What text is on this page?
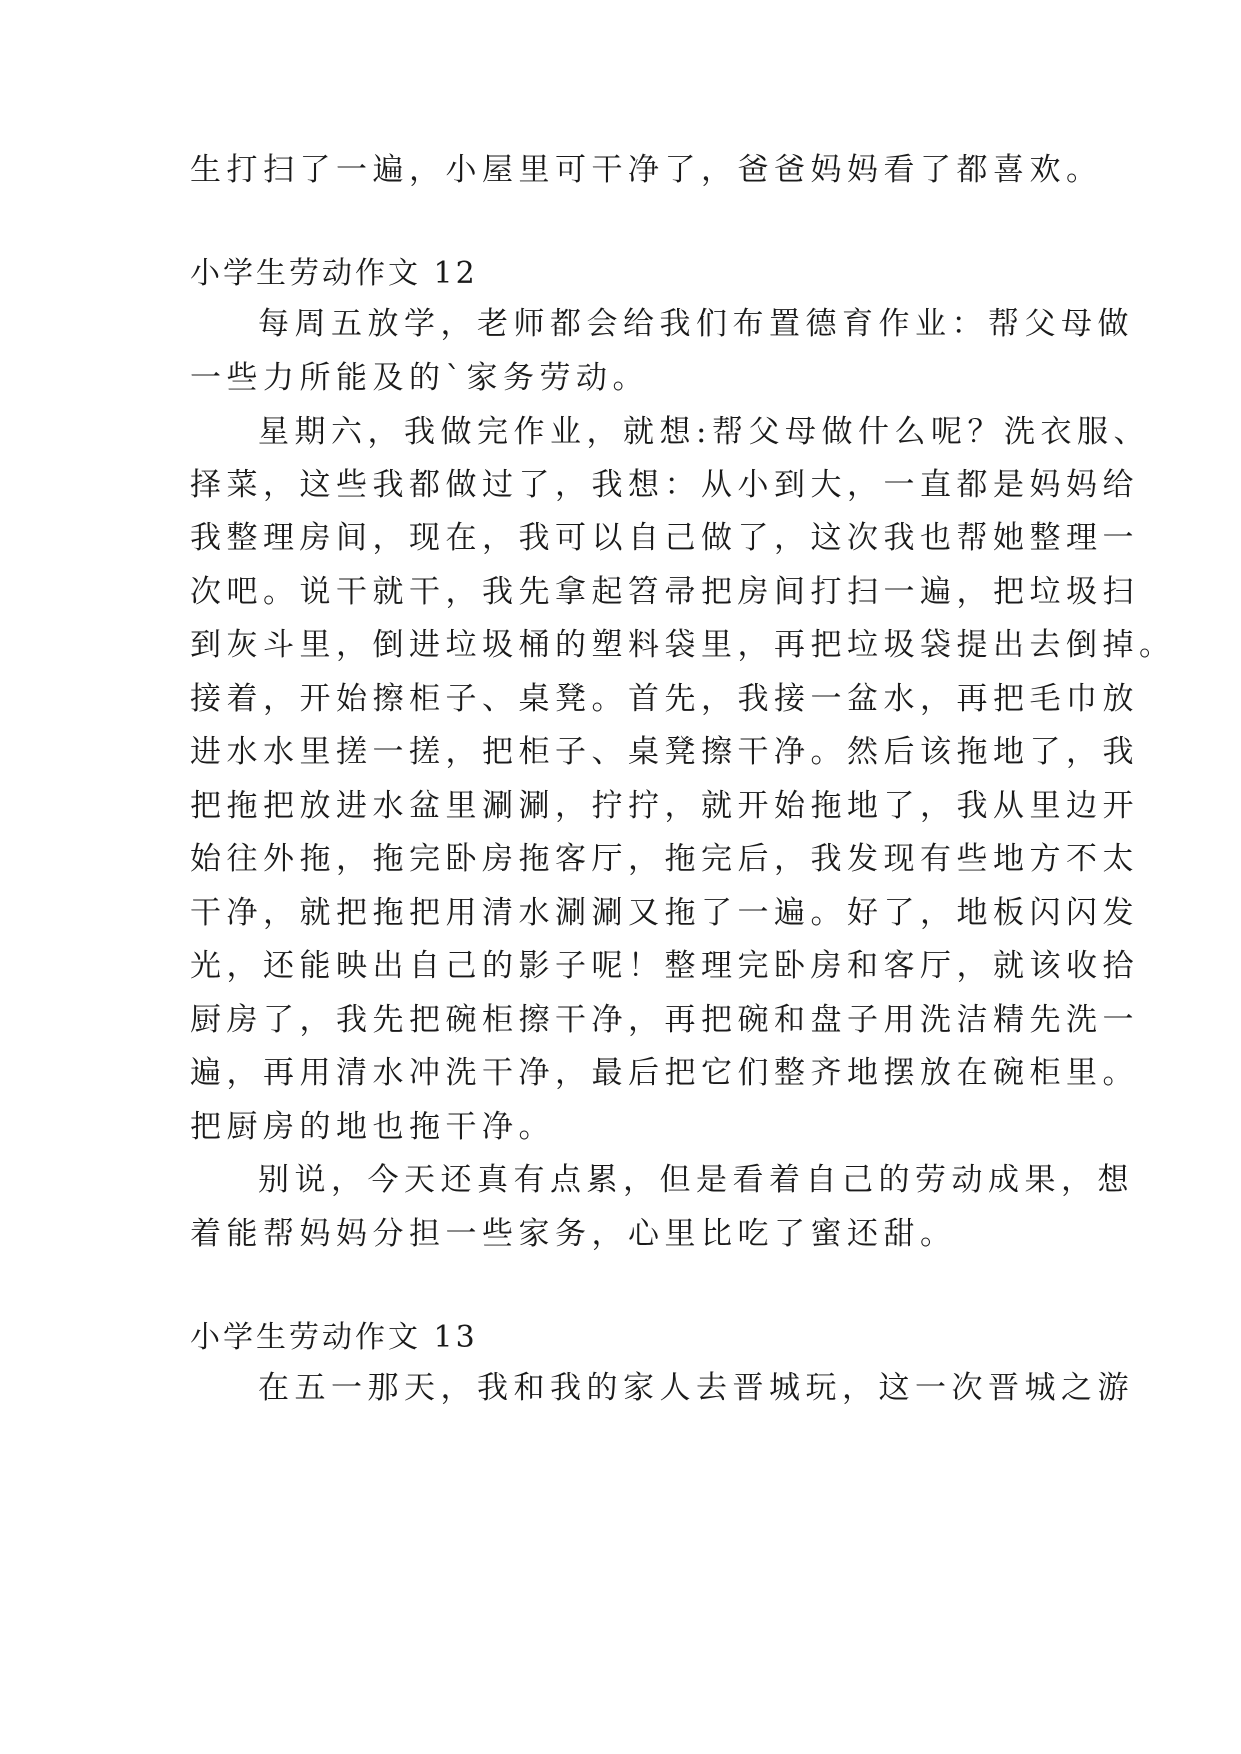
生打扫了一遍，小屋里可干净了，爸爸妈妈看了都喜欢。
小学生劳动作文 12
每周五放学，老师都会给我们布置德育作业：帮父母做
一些力所能及的`家务劳动。
星期六，我做完作业，就想:帮父母做什么呢？洗衣服、
择菜，这些我都做过了，我想：从小到大，一直都是妈妈给
我整理房间，现在，我可以自己做了，这次我也帮她整理一
次吧。说干就干，我先拿起笤帚把房间打扫一遍，把垃圾扫
到灰斗里，倒进垃圾桶的塑料袋里，再把垃圾袋提出去倒掉。
接着，开始擦柜子、桌凳。首先，我接一盆水，再把毛巾放
进水水里搓一搓，把柜子、桌凳擦干净。然后该拖地了，我
把拖把放进水盆里涮涮，拧拧，就开始拖地了，我从里边开
始往外拖，拖完卧房拖客厅，拖完后，我发现有些地方不太
干净，就把拖把用清水涮涮又拖了一遍。好了，地板闪闪发
光，还能映出自己的影子呢！整理完卧房和客厅，就该收拾
厨房了，我先把碗柜擦干净，再把碗和盘子用洗洁精先洗一
遍，再用清水冲洗干净，最后把它们整齐地摆放在碗柜里。
把厨房的地也拖干净。
别说，今天还真有点累，但是看着自己的劳动成果，想
着能帮妈妈分担一些家务，心里比吃了蜜还甜。
小学生劳动作文 13
在五一那天，我和我的家人去晋城玩，这一次晋城之游
